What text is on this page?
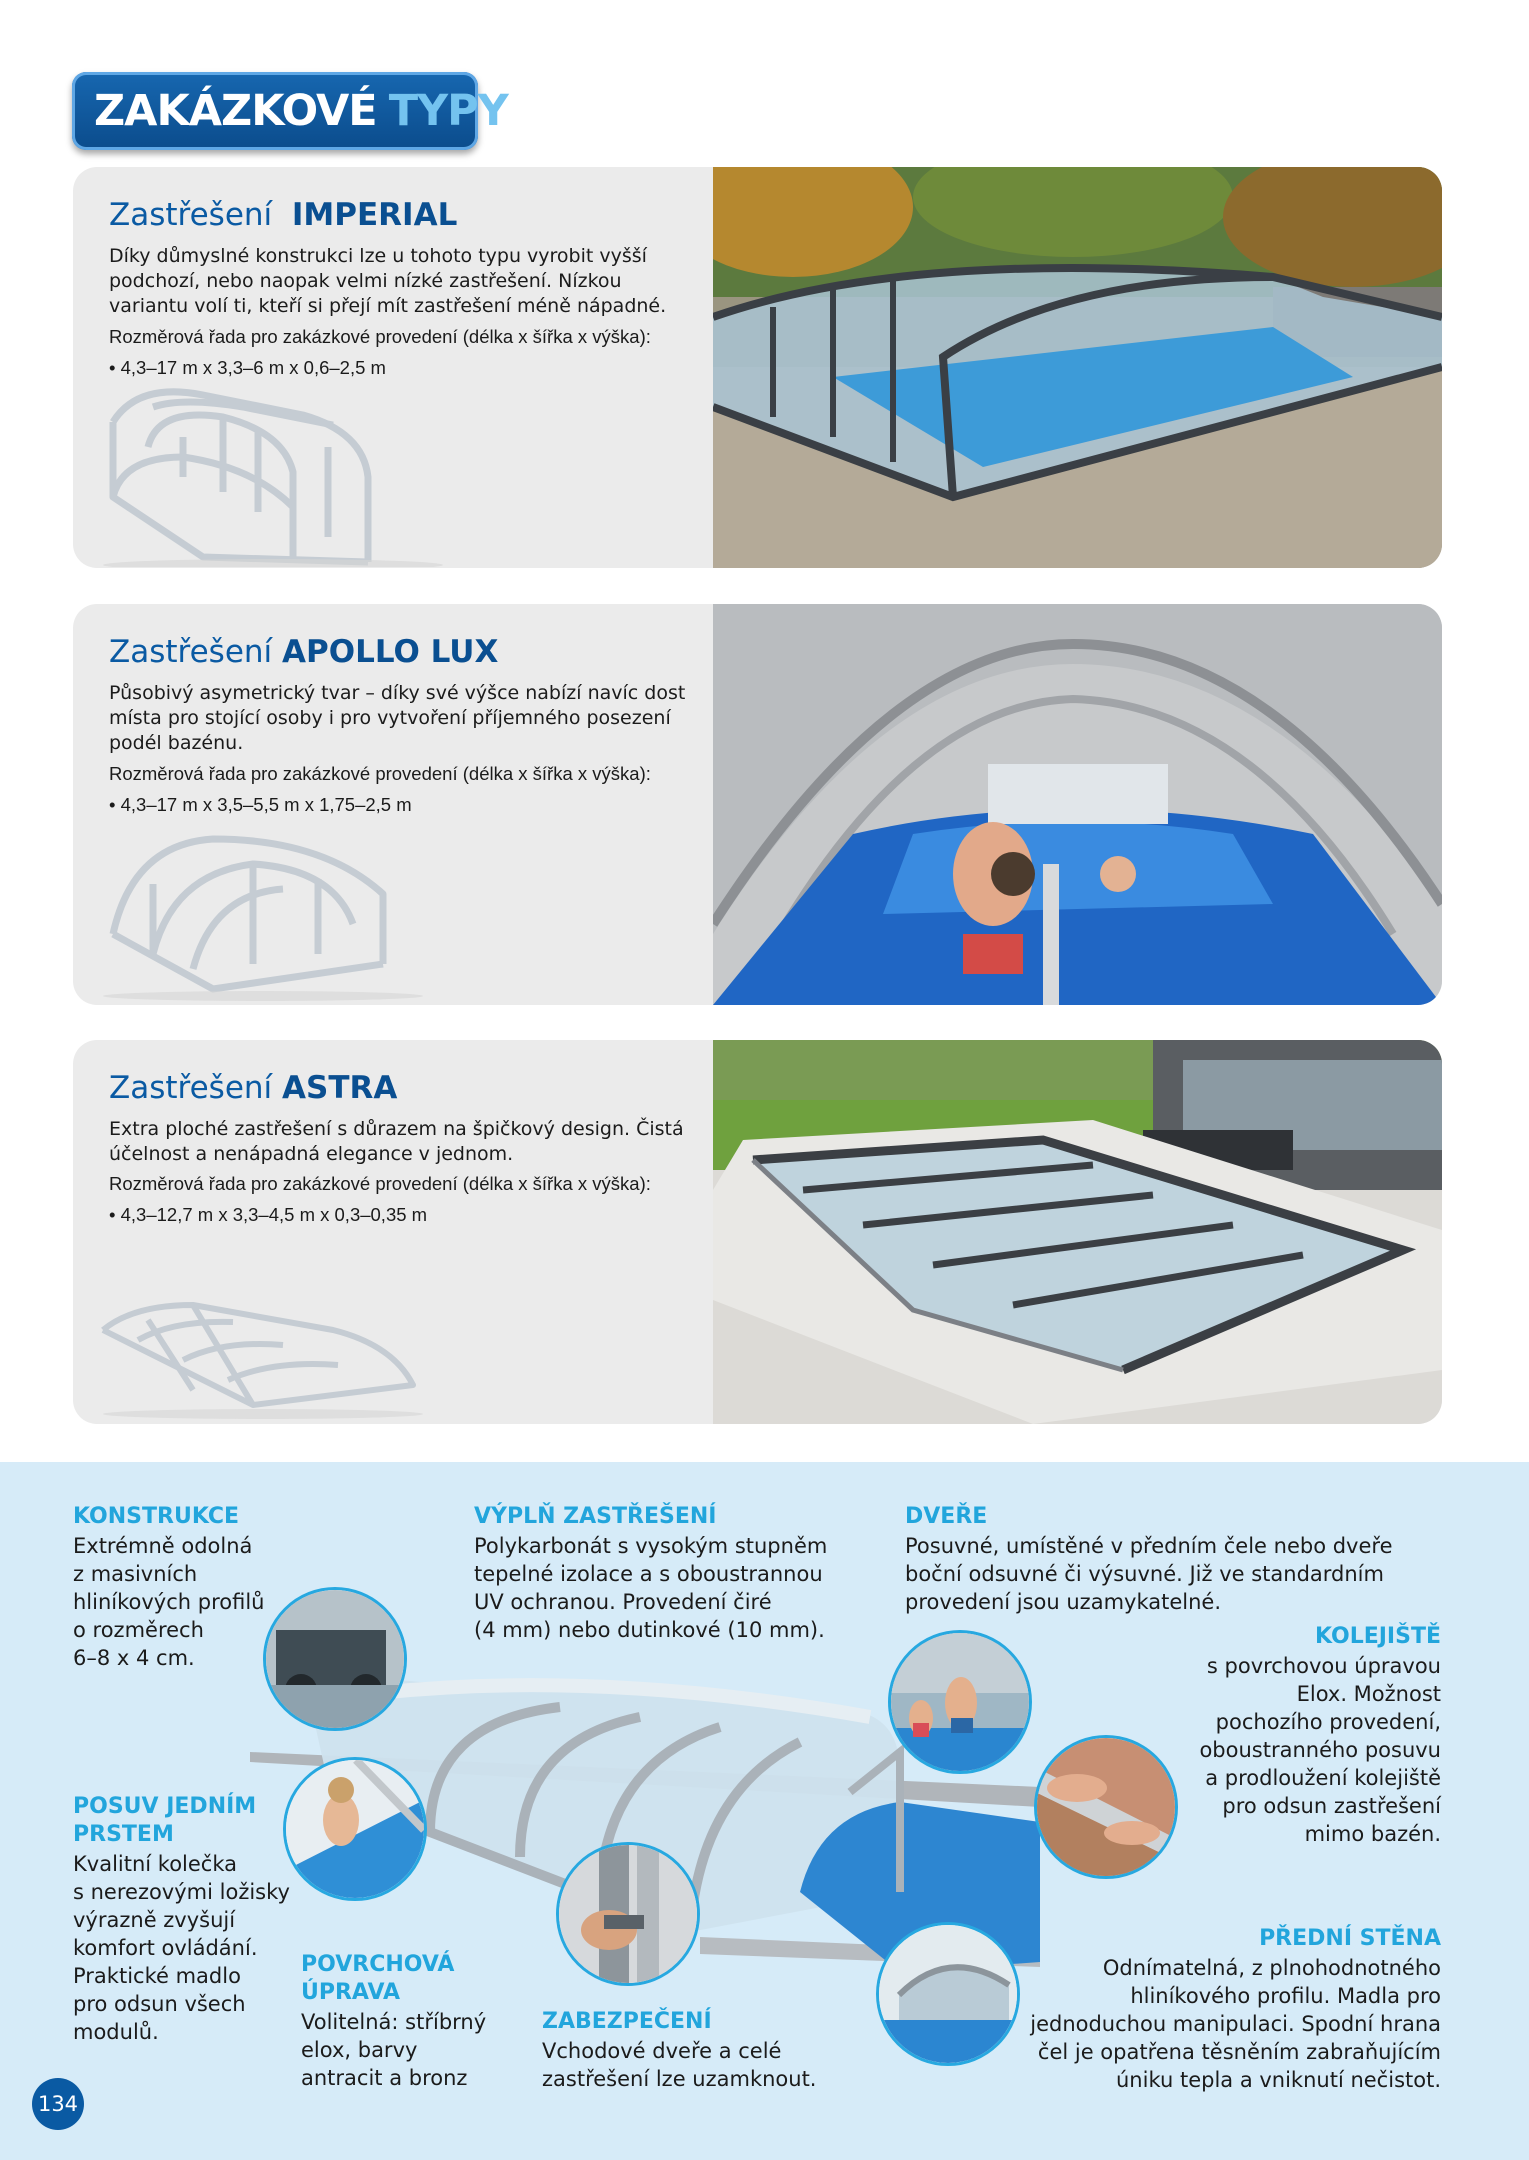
ZAKÁZKOVÉ TYPY
Zastřešení IMPERIAL
Díky důmyslné konstrukci lze u tohoto typu vyrobit vyšší podchozí, nebo naopak velmi nízké zastřešení. Nízkou variantu volí ti, kteří si přejí mít zastřešení méně nápadné.
Rozměrová řada pro zakázkové provedení (délka x šířka x výška):
• 4,3–17 m x 3,3–6 m x 0,6–2,5 m
Zastřešení APOLLO LUX
Působivý asymetrický tvar – díky své výšce nabízí navíc dost místa pro stojící osoby i pro vytvoření příjemného posezení podél bazénu.
Rozměrová řada pro zakázkové provedení (délka x šířka x výška):
• 4,3–17 m x 3,5–5,5 m x 1,75–2,5 m
Zastřešení ASTRA
Extra ploché zastřešení s důrazem na špičkový design. Čistá účelnost a nenápadná elegance v jednom.
Rozměrová řada pro zakázkové provedení (délka x šířka x výška):
• 4,3–12,7 m x 3,3–4,5 m x 0,3–0,35 m
KONSTRUKCE
Extrémně odolná
z masivních
hliníkových profilů
o rozměrech
6–8 x 4 cm.
VÝPLŇ ZASTŘEŠENÍ
Polykarbonát s vysokým stupněm
tepelné izolace a s oboustrannou
UV ochranou. Provedení čiré
(4 mm) nebo dutinkové (10 mm).
DVEŘE
Posuvné, umístěné v předním čele nebo dveře
boční odsuvné či výsuvné. Již ve standardním
provedení jsou uzamykatelné.
KOLEJIŠTĚ
s povrchovou úpravou
Elox. Možnost
pochozího provedení,
oboustranného posuvu
a prodloužení kolejiště
pro odsun zastřešení
mimo bazén.
POSUV JEDNÍM
PRSTEM
Kvalitní kolečka
s nerezovými ložisky
výrazně zvyšují
komfort ovládání.
Praktické madlo
pro odsun všech
modulů.
POVRCHOVÁ
ÚPRAVA
Volitelná: stříbrný
elox, barvy
antracit a bronz
ZABEZPEČENÍ
Vchodové dveře a celé
zastřešení lze uzamknout.
PŘEDNÍ STĚNA
Odnímatelná, z plnohodnotného
hliníkového profilu. Madla pro
jednoduchou manipulaci. Spodní hrana
čel je opatřena těsněním zabraňujícím
úniku tepla a vniknutí nečistot.
134
